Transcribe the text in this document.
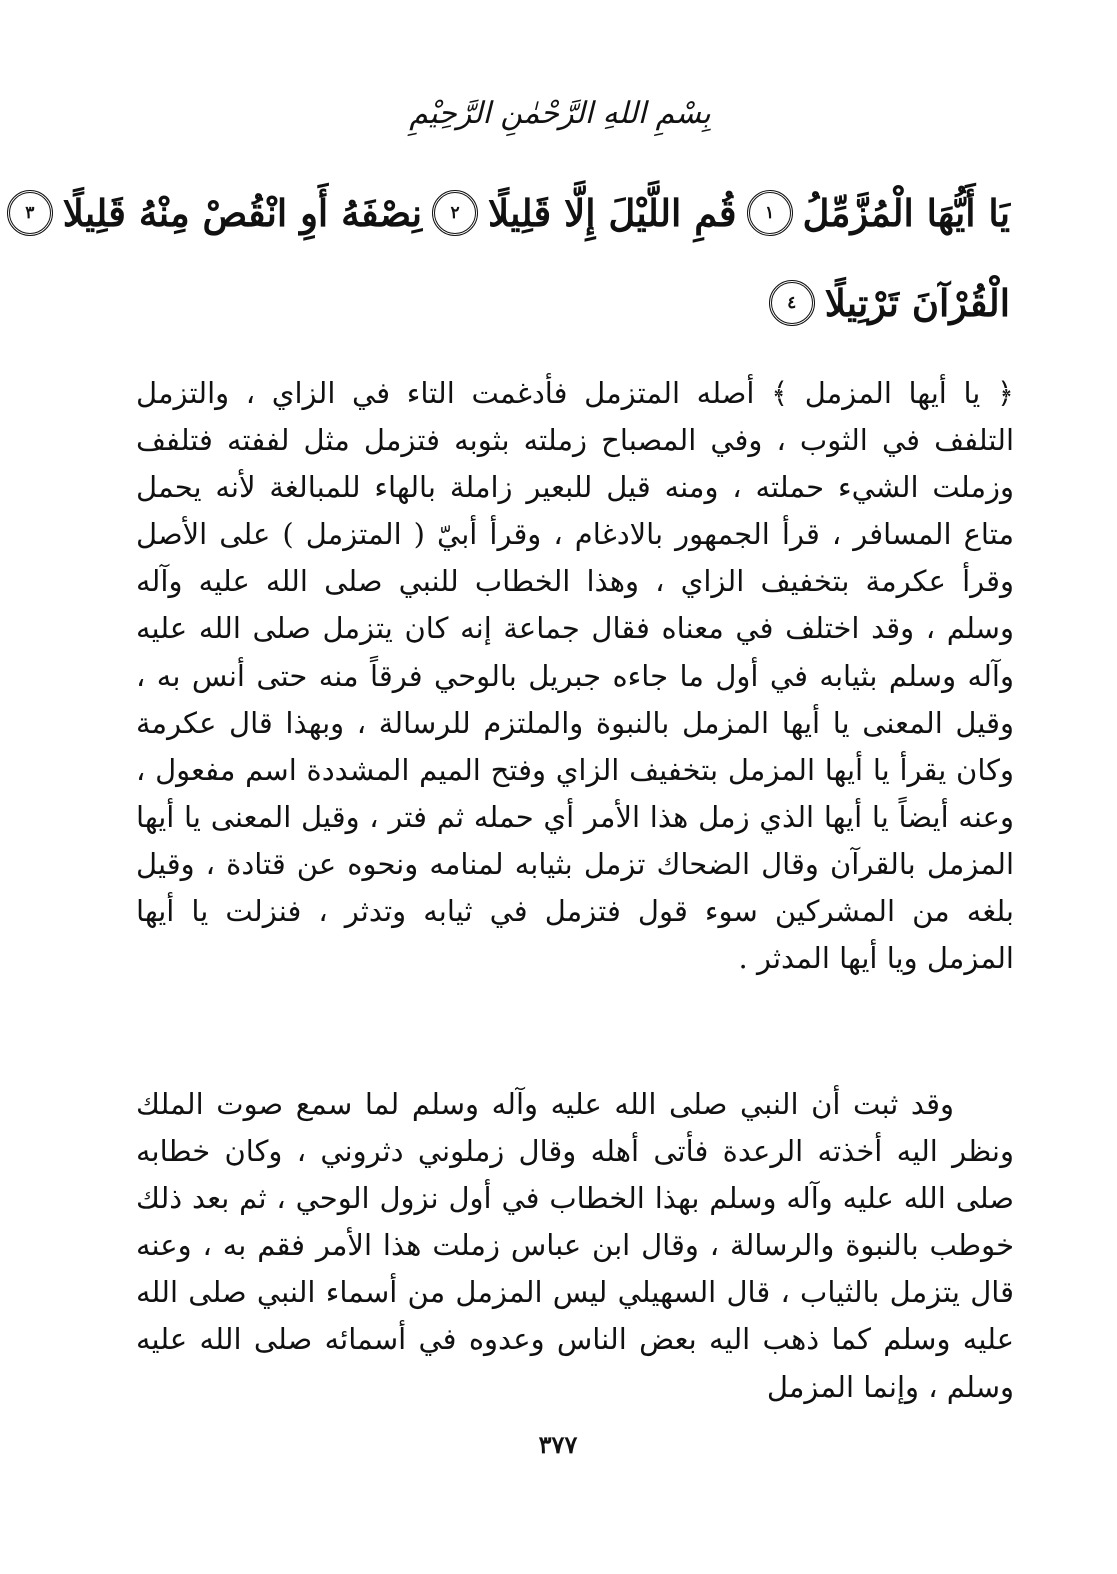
بِسْمِ اللهِ الرَّحْمٰنِ الرَّحِيْمِ
يَا أَيُّهَا الْمُزَّمِّلُ
١
قُمِ اللَّيْلَ إِلَّا قَلِيلًا
٢
نِصْفَهُ أَوِ انْقُصْ مِنْهُ قَلِيلًا
٣
الْقُرْآنَ تَرْتِيلًا
٤

﴿ يا أيها المزمل ﴾ أصله المتزمل فأدغمت التاء في الزاي ، والتزمل التلفف في الثوب ، وفي المصباح زملته بثوبه فتزمل مثل لففته فتلفف وزملت الشيء حملته ، ومنه قيل للبعير زاملة بالهاء للمبالغة لأنه يحمل متاع المسافر ، قرأ الجمهور بالادغام ، وقرأ أبيّ ( المتزمل ) على الأصل وقرأ عكرمة بتخفيف الزاي ، وهذا الخطاب للنبي صلى الله عليه وآله وسلم ، وقد اختلف في معناه فقال جماعة إنه كان يتزمل صلى الله عليه وآله وسلم بثيابه في أول ما جاءه جبريل بالوحي فرقاً منه حتى أنس به ، وقيل المعنى يا أيها المزمل بالنبوة والملتزم للرسالة ، وبهذا قال عكرمة وكان يقرأ يا أيها المزمل بتخفيف الزاي وفتح الميم المشددة اسم مفعول ، وعنه أيضاً يا أيها الذي زمل هذا الأمر أي حمله ثم فتر ، وقيل المعنى يا أيها المزمل بالقرآن وقال الضحاك تزمل بثيابه لمنامه ونحوه عن قتادة ، وقيل بلغه من المشركين سوء قول فتزمل في ثيابه وتدثر ، فنزلت يا أيها المزمل ويا أيها المدثر .

وقد ثبت أن النبي صلى الله عليه وآله وسلم لما سمع صوت الملك ونظر اليه أخذته الرعدة فأتى أهله وقال زملوني دثروني ، وكان خطابه صلى الله عليه وآله وسلم بهذا الخطاب في أول نزول الوحي ، ثم بعد ذلك خوطب بالنبوة والرسالة ، وقال ابن عباس زملت هذا الأمر فقم به ، وعنه قال يتزمل بالثياب ، قال السهيلي ليس المزمل من أسماء النبي صلى الله عليه وسلم كما ذهب اليه بعض الناس وعدوه في أسمائه صلى الله عليه وسلم ، وإنما المزمل

٣٧٧
